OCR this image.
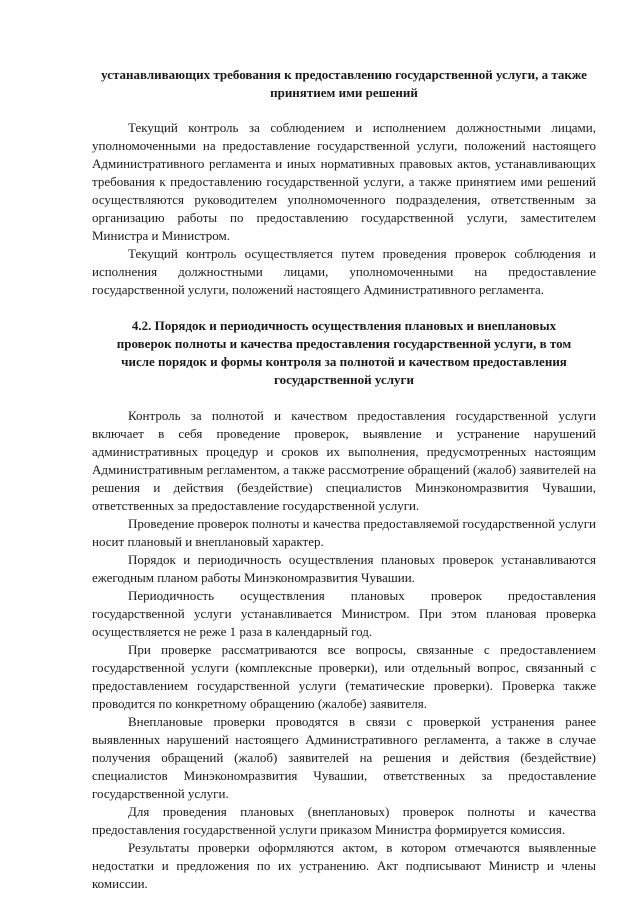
устанавливающих требования к предоставлению государственной услуги, а также принятием ими решений

Текущий контроль за соблюдением и исполнением должностными лицами, уполномоченными на предоставление государственной услуги, положений настоящего Административного регламента и иных нормативных правовых актов, устанавливающих требования к предоставлению государственной услуги, а также принятием ими решений осуществляются руководителем уполномоченного подразделения, ответственным за организацию работы по предоставлению государственной услуги, заместителем Министра и Министром.

Текущий контроль осуществляется путем проведения проверок соблюдения и исполнения должностными лицами, уполномоченными на предоставление государственной услуги, положений настоящего Административного регламента.

4.2. Порядок и периодичность осуществления плановых и внеплановых проверок полноты и качества предоставления государственной услуги, в том числе порядок и формы контроля за полнотой и качеством предоставления государственной услуги

Контроль за полнотой и качеством предоставления государственной услуги включает в себя проведение проверок, выявление и устранение нарушений административных процедур и сроков их выполнения, предусмотренных настоящим Административным регламентом, а также рассмотрение обращений (жалоб) заявителей на решения и действия (бездействие) специалистов Минэкономразвития Чувашии, ответственных за предоставление государственной услуги.

Проведение проверок полноты и качества предоставляемой государственной услуги носит плановый и внеплановый характер.

Порядок и периодичность осуществления плановых проверок устанавливаются ежегодным планом работы Минэкономразвития Чувашии.

Периодичность осуществления плановых проверок предоставления государственной услуги устанавливается Министром. При этом плановая проверка осуществляется не реже 1 раза в календарный год.

При проверке рассматриваются все вопросы, связанные с предоставлением государственной услуги (комплексные проверки), или отдельный вопрос, связанный с предоставлением государственной услуги (тематические проверки). Проверка также проводится по конкретному обращению (жалобе) заявителя.

Внеплановые проверки проводятся в связи с проверкой устранения ранее выявленных нарушений настоящего Административного регламента, а также в случае получения обращений (жалоб) заявителей на решения и действия (бездействие) специалистов Минэкономразвития Чувашии, ответственных за предоставление государственной услуги.

Для проведения плановых (внеплановых) проверок полноты и качества предоставления государственной услуги приказом Министра формируется комиссия.

Результаты проверки оформляются актом, в котором отмечаются выявленные недостатки и предложения по их устранению. Акт подписывают Министр и члены комиссии.
